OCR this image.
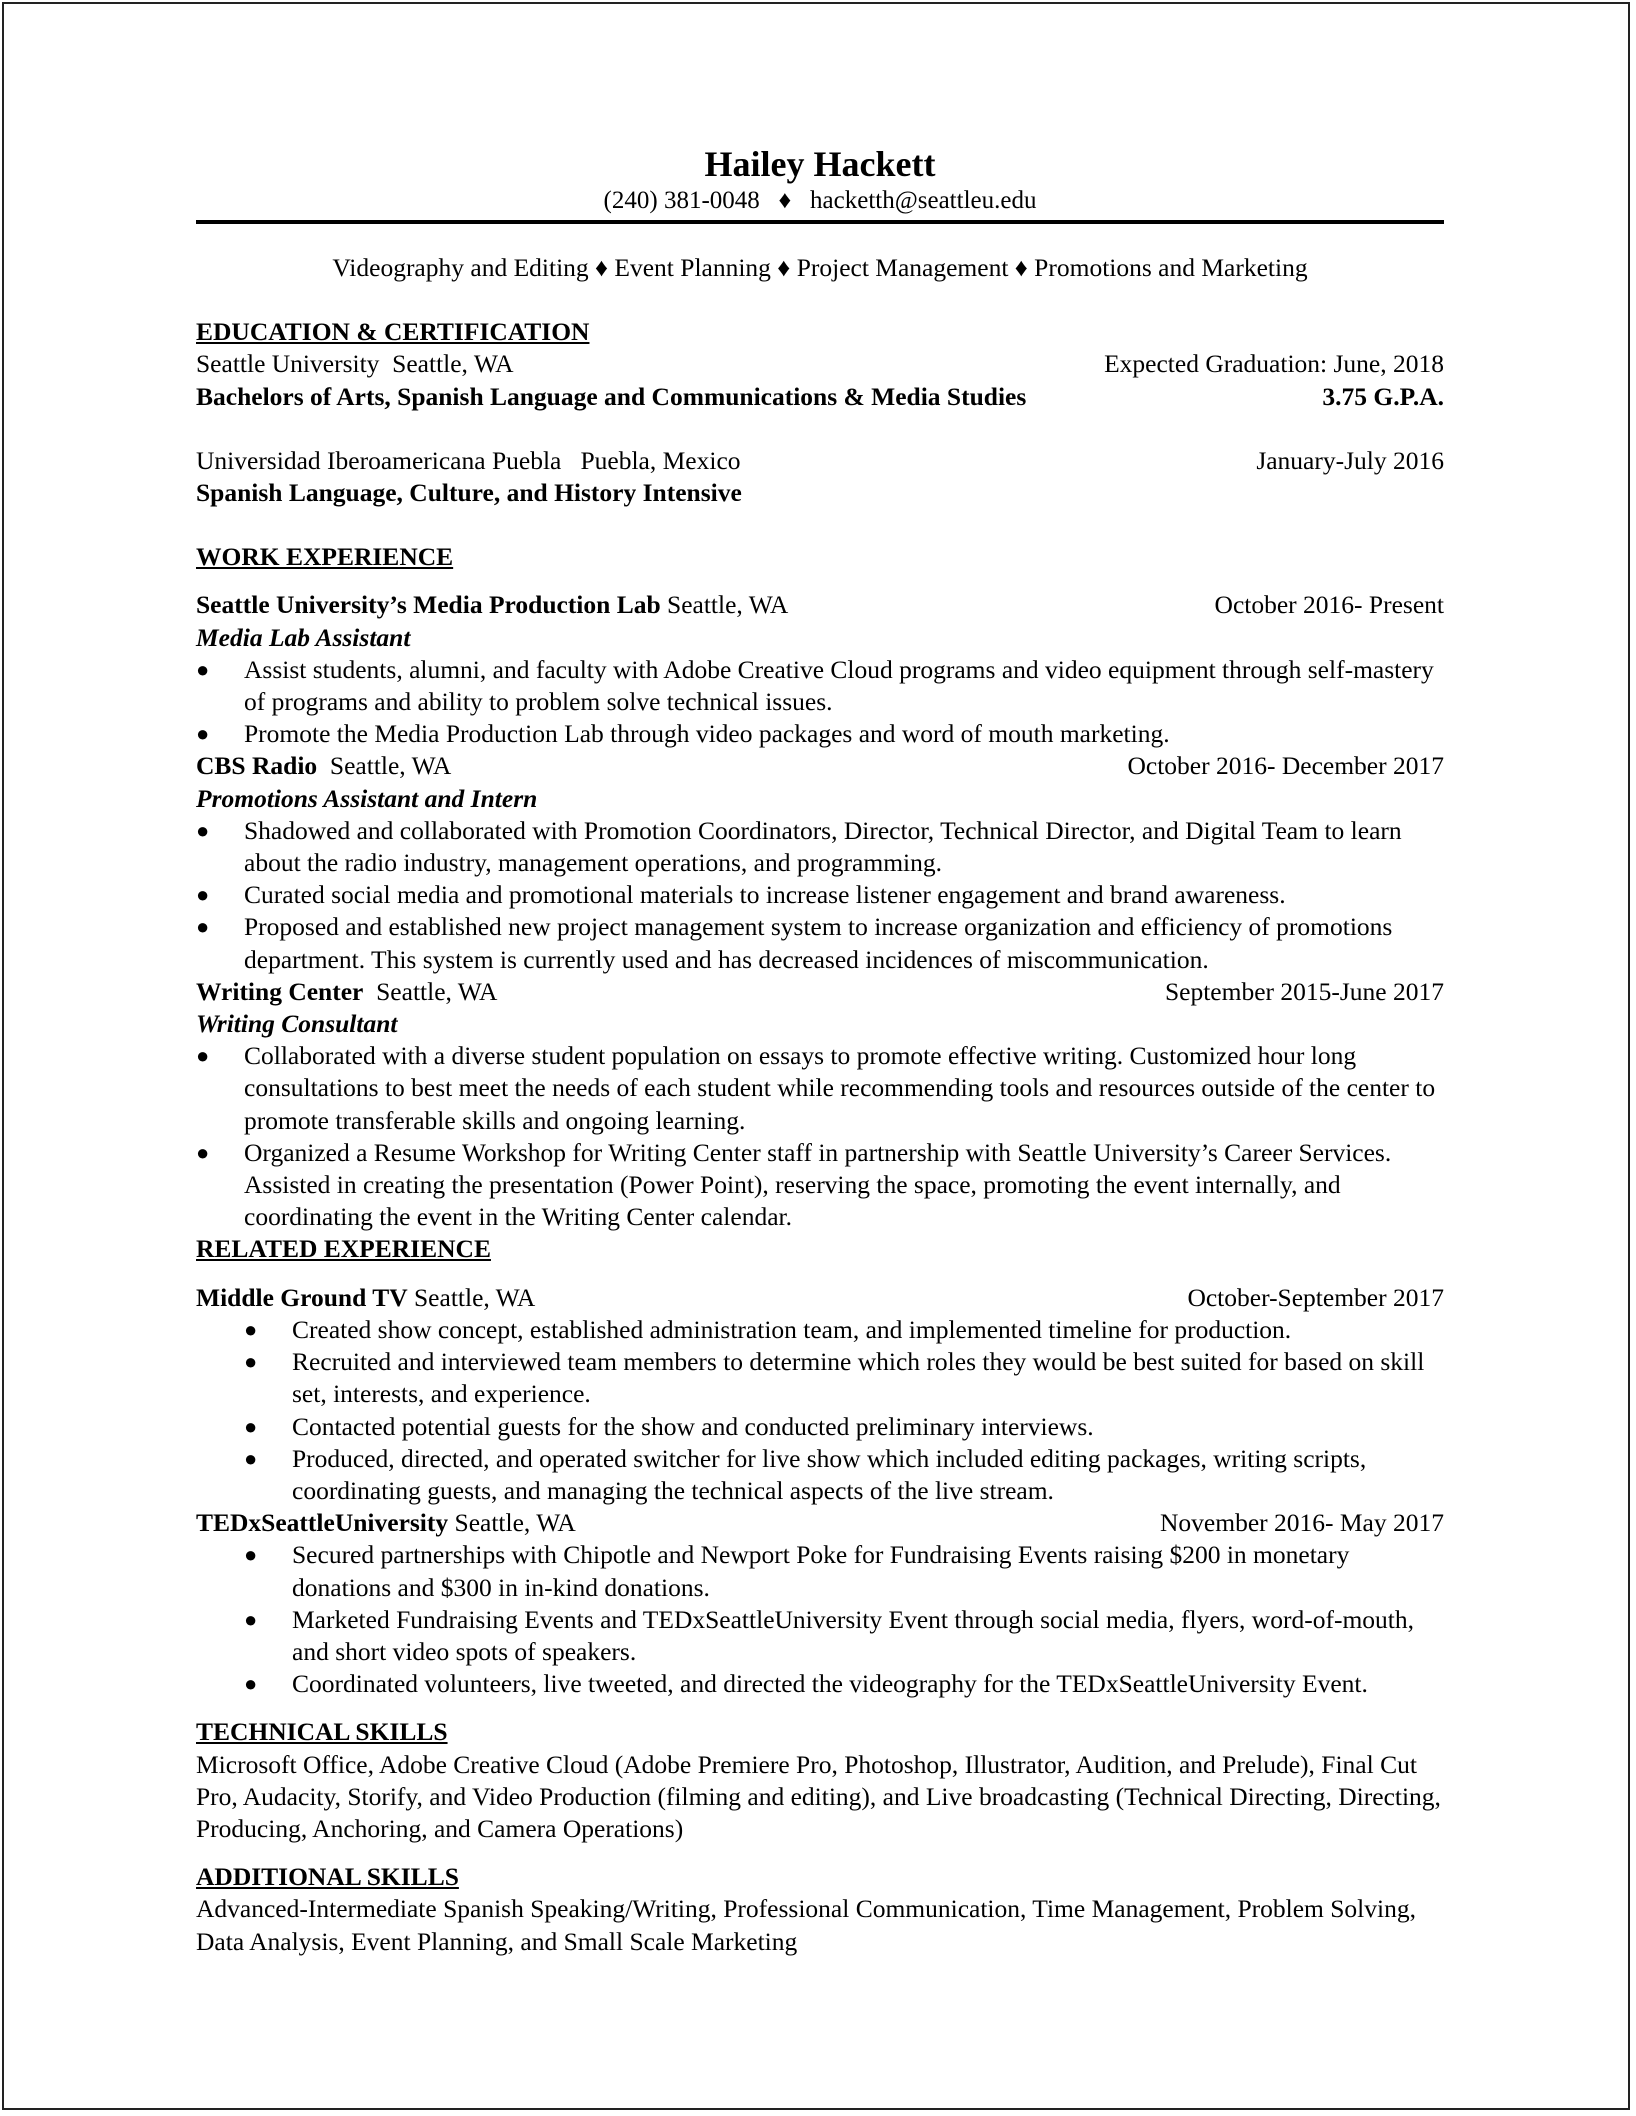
Hailey Hackett
(240) 381-0048 ♦ hacketth@seattleu.edu
Videography and Editing ♦ Event Planning ♦ Project Management ♦ Promotions and Marketing
EDUCATION & CERTIFICATION
Seattle University  Seattle, WA	Expected Graduation: June, 2018
Bachelors of Arts, Spanish Language and Communications & Media Studies	3.75 G.P.A.
Universidad Iberoamericana Puebla   Puebla, Mexico	January-July 2016
Spanish Language, Culture, and History Intensive
WORK EXPERIENCE
Seattle University’s Media Production Lab Seattle, WA	October 2016- Present
Media Lab Assistant
● Assist students, alumni, and faculty with Adobe Creative Cloud programs and video equipment through self-mastery of programs and ability to problem solve technical issues.
● Promote the Media Production Lab through video packages and word of mouth marketing.
CBS Radio  Seattle, WA	October 2016- December 2017
Promotions Assistant and Intern
● Shadowed and collaborated with Promotion Coordinators, Director, Technical Director, and Digital Team to learn about the radio industry, management operations, and programming.
● Curated social media and promotional materials to increase listener engagement and brand awareness.
● Proposed and established new project management system to increase organization and efficiency of promotions department. This system is currently used and has decreased incidences of miscommunication.
Writing Center  Seattle, WA	September 2015-June 2017
Writing Consultant
● Collaborated with a diverse student population on essays to promote effective writing. Customized hour long consultations to best meet the needs of each student while recommending tools and resources outside of the center to promote transferable skills and ongoing learning.
● Organized a Resume Workshop for Writing Center staff in partnership with Seattle University’s Career Services. Assisted in creating the presentation (Power Point), reserving the space, promoting the event internally, and coordinating the event in the Writing Center calendar.
RELATED EXPERIENCE
Middle Ground TV Seattle, WA	October-September 2017
● Created show concept, established administration team, and implemented timeline for production.
● Recruited and interviewed team members to determine which roles they would be best suited for based on skill set, interests, and experience.
● Contacted potential guests for the show and conducted preliminary interviews.
● Produced, directed, and operated switcher for live show which included editing packages, writing scripts, coordinating guests, and managing the technical aspects of the live stream.
TEDxSeattleUniversity Seattle, WA	November 2016- May 2017
● Secured partnerships with Chipotle and Newport Poke for Fundraising Events raising $200 in monetary donations and $300 in in-kind donations.
● Marketed Fundraising Events and TEDxSeattleUniversity Event through social media, flyers, word-of-mouth, and short video spots of speakers.
● Coordinated volunteers, live tweeted, and directed the videography for the TEDxSeattleUniversity Event.
TECHNICAL SKILLS
Microsoft Office, Adobe Creative Cloud (Adobe Premiere Pro, Photoshop, Illustrator, Audition, and Prelude), Final Cut Pro, Audacity, Storify, and Video Production (filming and editing), and Live broadcasting (Technical Directing, Directing, Producing, Anchoring, and Camera Operations)
ADDITIONAL SKILLS
Advanced-Intermediate Spanish Speaking/Writing, Professional Communication, Time Management, Problem Solving, Data Analysis, Event Planning, and Small Scale Marketing
